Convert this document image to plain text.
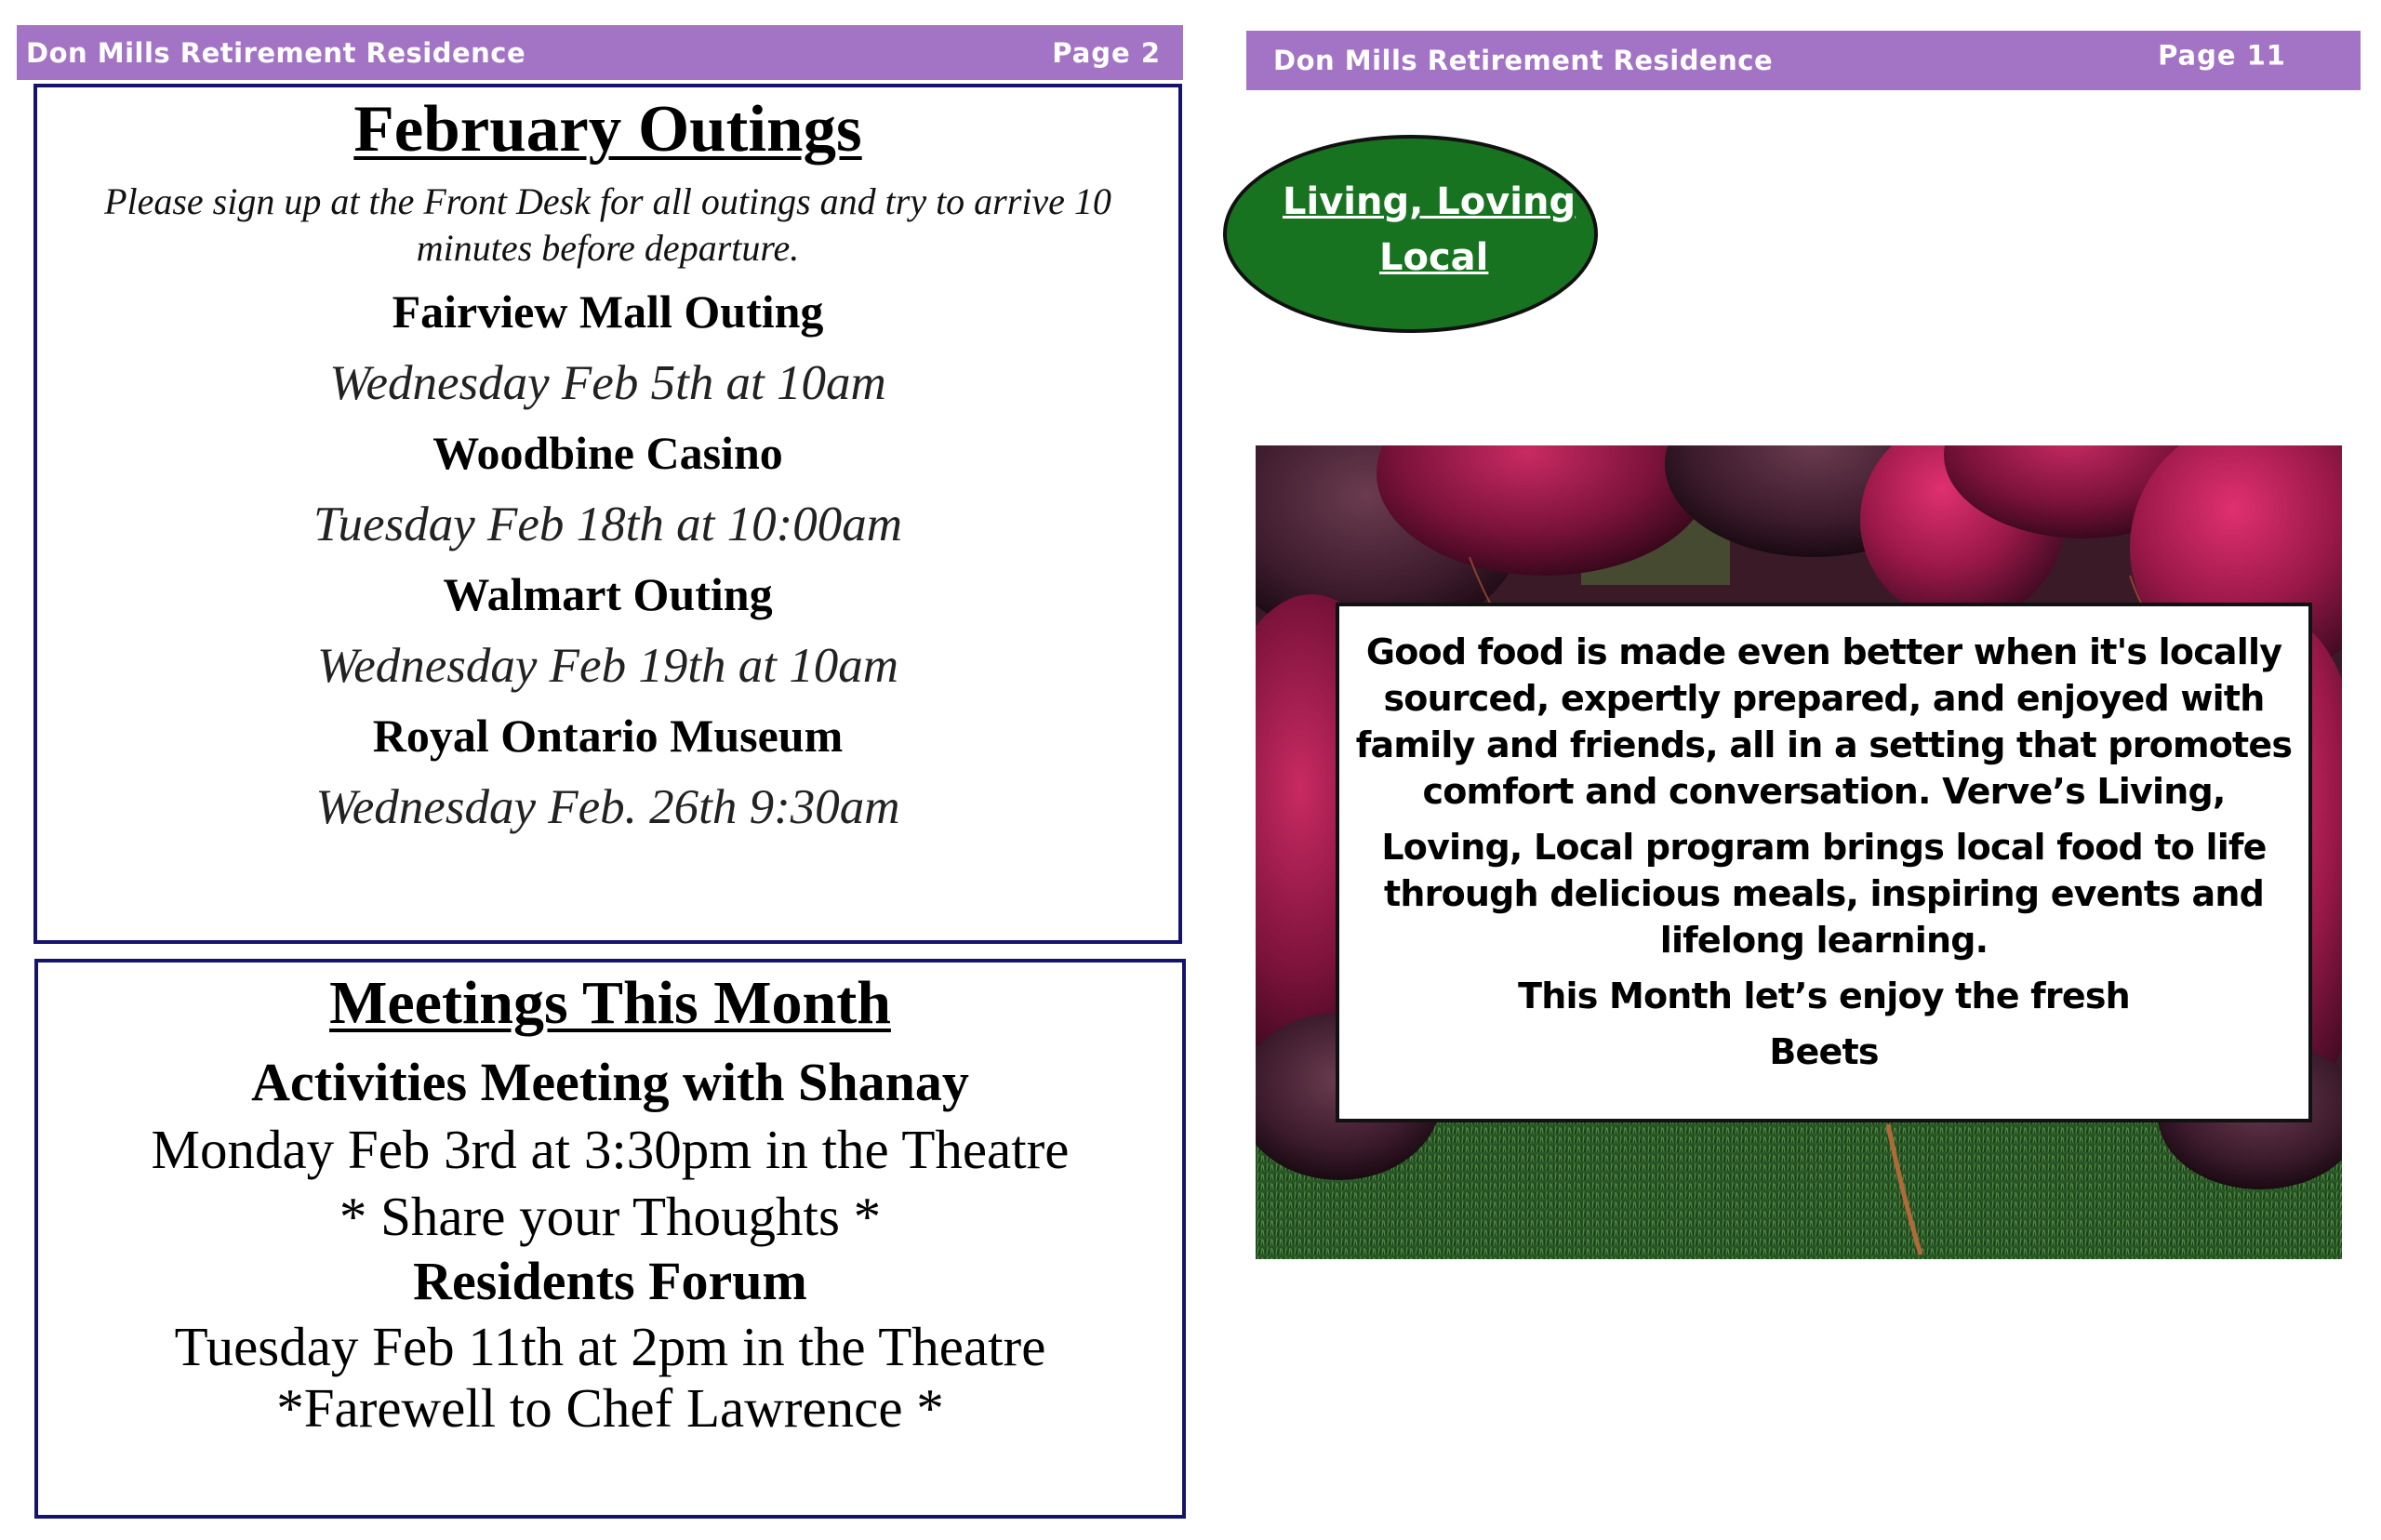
Don Mills Retirement Residence	Page 2
February Outings
Please sign up at the Front Desk for all outings and try to arrive 10 minutes before departure.
Fairview Mall Outing
Wednesday Feb 5th at 10am
Woodbine Casino
Tuesday Feb 18th at 10:00am
Walmart Outing
Wednesday Feb 19th at 10am
Royal Ontario Museum
Wednesday Feb. 26th 9:30am
Meetings This Month
Activities Meeting with Shanay
Monday Feb 3rd at 3:30pm in the Theatre
* Share your Thoughts *
Residents Forum
Tuesday Feb 11th at 2pm in the Theatre
*Farewell to Chef Lawrence *
Don Mills Retirement Residence	Page 11
Living, Loving
Local
Good food is made even better when it's locally sourced, expertly prepared, and enjoyed with family and friends, all in a setting that promotes comfort and conversation. Verve’s Living,
Loving, Local program brings local food to life through delicious meals, inspiring events and lifelong learning.
This Month let’s enjoy the fresh
Beets
